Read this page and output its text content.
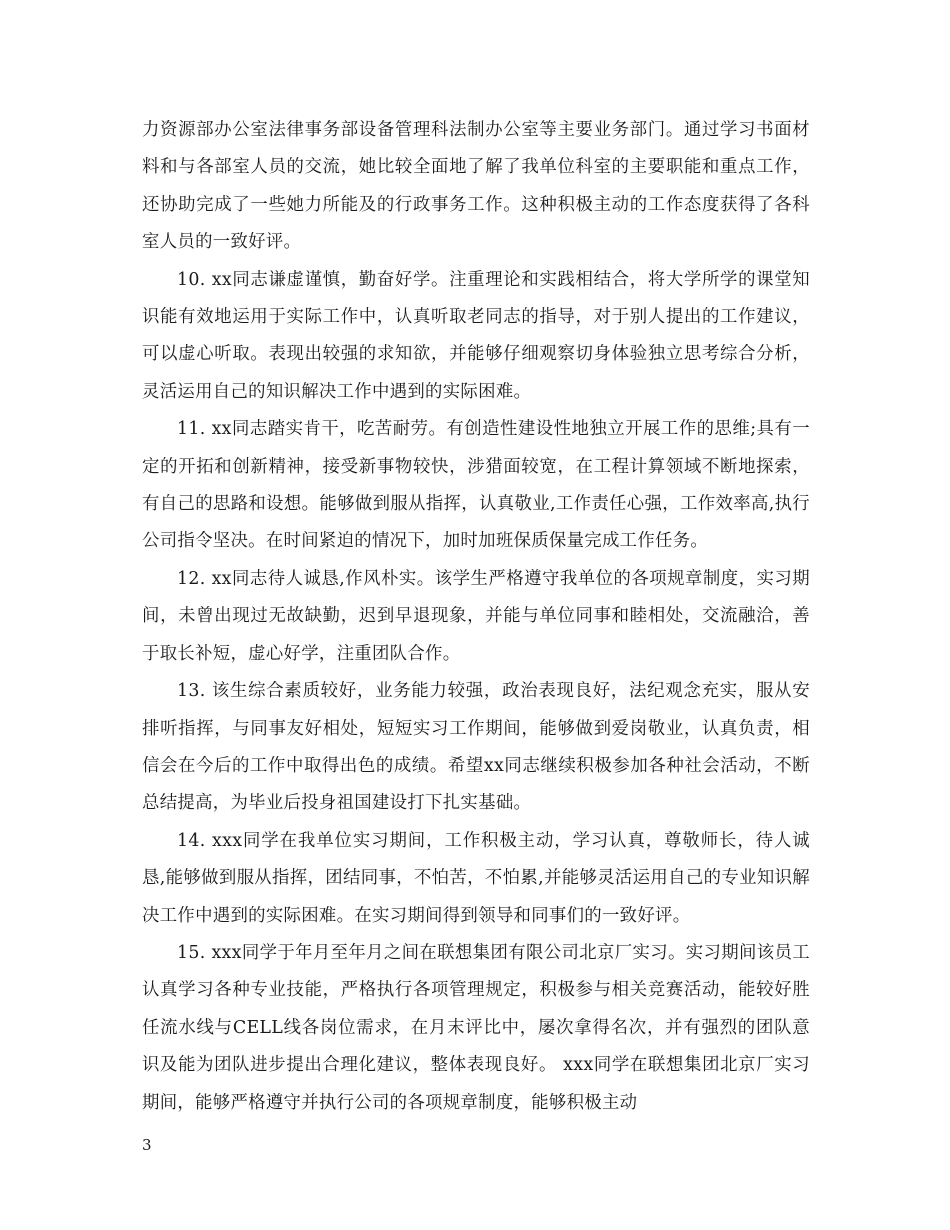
力资源部办公室法律事务部设备管理科法制办公室等主要业务部门。通过学习书面材料和与各部室人员的交流，她比较全面地了解了我单位科室的主要职能和重点工作，还协助完成了一些她力所能及的行政事务工作。这种积极主动的工作态度获得了各科室人员的一致好评。

10. xx同志谦虚谨慎，勤奋好学。注重理论和实践相结合，将大学所学的课堂知识能有效地运用于实际工作中，认真听取老同志的指导，对于别人提出的工作建议，可以虚心听取。表现出较强的求知欲，并能够仔细观察切身体验独立思考综合分析，灵活运用自己的知识解决工作中遇到的实际困难。

11. xx同志踏实肯干，吃苦耐劳。有创造性建设性地独立开展工作的思维;具有一定的开拓和创新精神，接受新事物较快，涉猎面较宽，在工程计算领域不断地探索，有自己的思路和设想。能够做到服从指挥，认真敬业,工作责任心强，工作效率高,执行公司指令坚决。在时间紧迫的情况下，加时加班保质保量完成工作任务。

12. xx同志待人诚恳,作风朴实。该学生严格遵守我单位的各项规章制度，实习期间，未曾出现过无故缺勤，迟到早退现象，并能与单位同事和睦相处，交流融洽，善于取长补短，虚心好学，注重团队合作。

13. 该生综合素质较好，业务能力较强，政治表现良好，法纪观念充实，服从安排听指挥，与同事友好相处，短短实习工作期间，能够做到爱岗敬业，认真负责，相信会在今后的工作中取得出色的成绩。希望xx同志继续积极参加各种社会活动，不断总结提高，为毕业后投身祖国建设打下扎实基础。

14. xxx同学在我单位实习期间，工作积极主动，学习认真，尊敬师长，待人诚恳,能够做到服从指挥，团结同事，不怕苦，不怕累,并能够灵活运用自己的专业知识解决工作中遇到的实际困难。在实习期间得到领导和同事们的一致好评。

15. xxx同学于年月至年月之间在联想集团有限公司北京厂实习。实习期间该员工认真学习各种专业技能，严格执行各项管理规定，积极参与相关竞赛活动，能较好胜任流水线与CELL线各岗位需求，在月末评比中，屡次拿得名次，并有强烈的团队意识及能为团队进步提出合理化建议，整体表现良好。 xxx同学在联想集团北京厂实习期间，能够严格遵守并执行公司的各项规章制度，能够积极主动

3
